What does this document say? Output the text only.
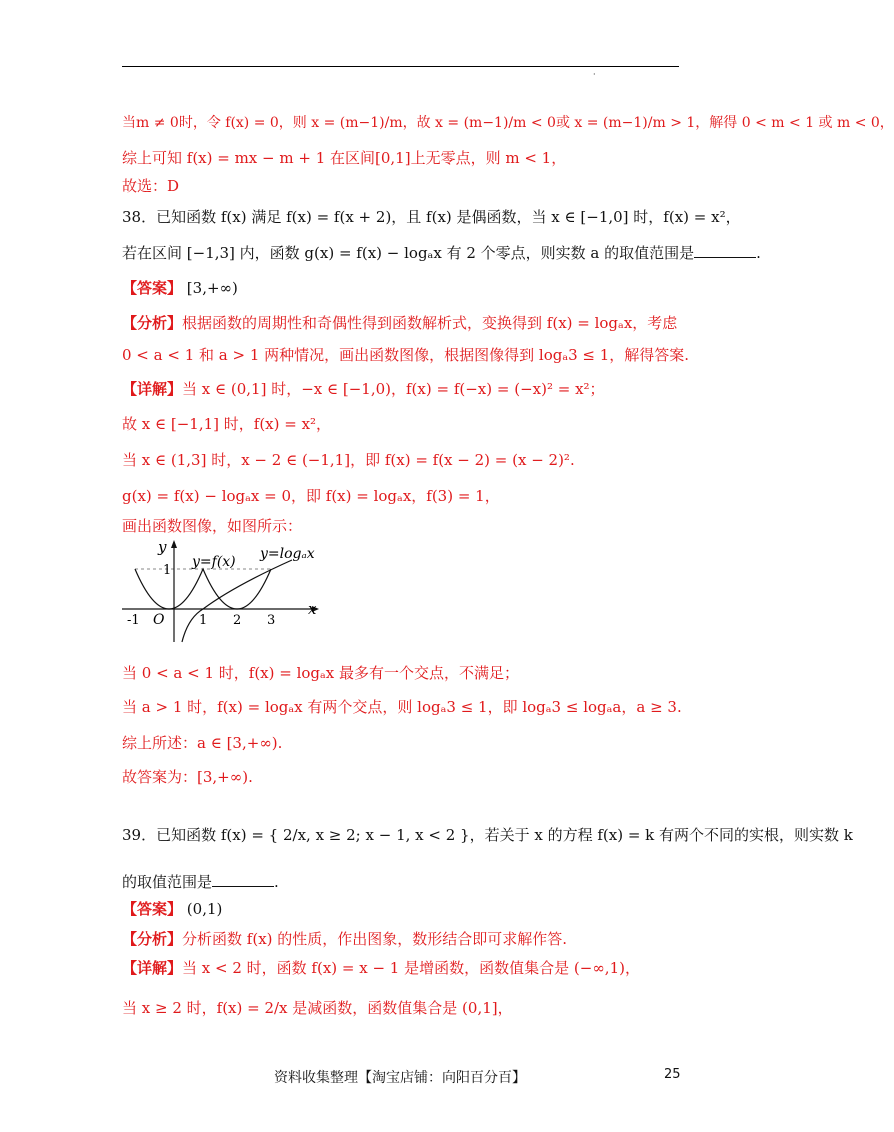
·
当m ≠ 0时，令 f(x) = 0，则 x = (m−1)/m，故 x = (m−1)/m < 0或 x = (m−1)/m > 1，解得 0 < m < 1 或 m < 0，
综上可知 f(x) = mx − m + 1 在区间[0,1]上无零点，则 m < 1，
故选：D
38．已知函数 f(x) 满足 f(x) = f(x + 2)，且 f(x) 是偶函数，当 x ∈ [−1,0] 时，f(x) = x²，
若在区间 [−1,3] 内，函数 g(x) = f(x) − logₐx 有 2 个零点，则实数 a 的取值范围是	.
【答案】 [3,+∞)
【分析】根据函数的周期性和奇偶性得到函数解析式，变换得到 f(x) = logₐx，考虑
0 < a < 1 和 a > 1 两种情况，画出函数图像，根据图像得到 logₐ3 ≤ 1，解得答案.
【详解】当 x ∈ (0,1] 时，−x ∈ [−1,0)，f(x) = f(−x) = (−x)² = x²；
故 x ∈ [−1,1] 时，f(x) = x²，
当 x ∈ (1,3] 时，x − 2 ∈ (−1,1]，即 f(x) = f(x − 2) = (x − 2)².
g(x) = f(x) − logₐx = 0，即 f(x) = logₐx，f(3) = 1，
画出函数图像，如图所示：
y
x
O
y=f(x) y=logₐx
-1	1 2 3
1
当 0 < a < 1 时，f(x) = logₐx 最多有一个交点，不满足；
当 a > 1 时，f(x) = logₐx 有两个交点，则 logₐ3 ≤ 1，即 logₐ3 ≤ logₐa，a ≥ 3.
综上所述：a ∈ [3,+∞).
故答案为：[3,+∞).
39．已知函数 f(x) = { 2/x, x ≥ 2; x − 1, x < 2 }，若关于 x 的方程 f(x) = k 有两个不同的实根，则实数 k
的取值范围是	.
【答案】 (0,1)
【分析】分析函数 f(x) 的性质，作出图象，数形结合即可求解作答.
【详解】当 x < 2 时，函数 f(x) = x − 1 是增函数，函数值集合是 (−∞,1)，
当 x ≥ 2 时，f(x) = 2/x 是减函数，函数值集合是 (0,1]，
资料收集整理【淘宝店铺：向阳百分百】	25
